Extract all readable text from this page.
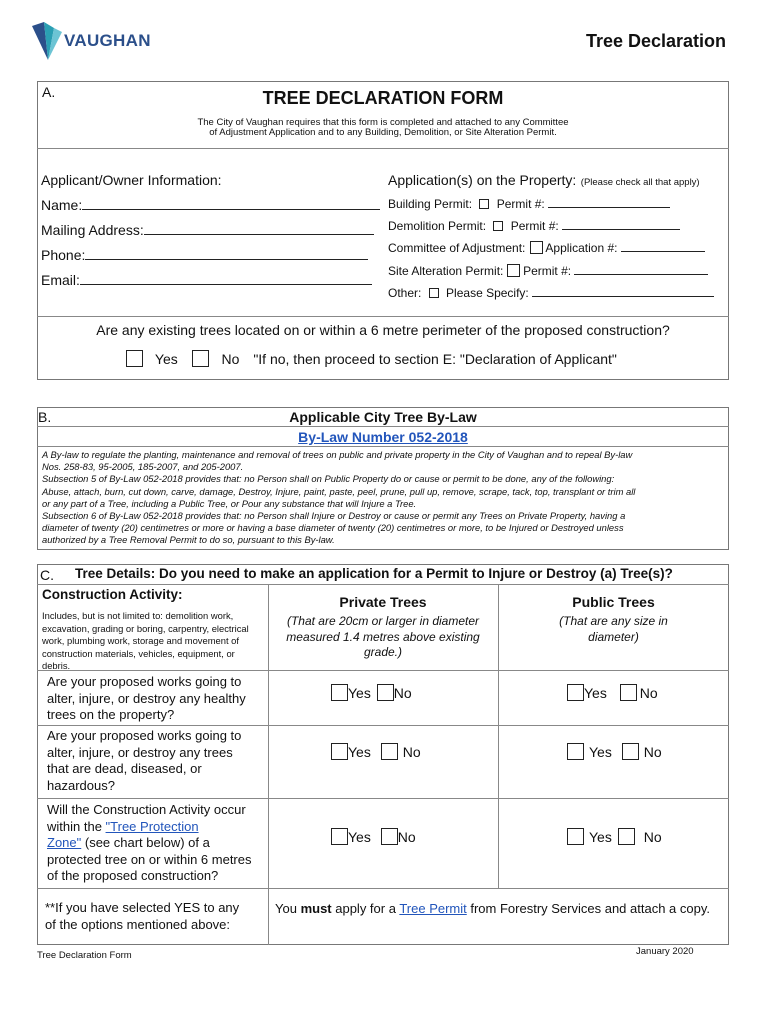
VAUGHAN	Tree Declaration
A.	TREE DECLARATION FORM
The City of Vaughan requires that this form is completed and attached to any Committee
of Adjustment Application and to any Building, Demolition, or Site Alteration Permit.
Applicant/Owner Information:
Name:
Mailing Address:
Phone:
Email:
Application(s) on the Property: (Please check all that apply)
Building Permit: Permit #:
Demolition Permit: Permit #:
Committee of Adjustment: Application #:
Site Alteration Permit: Permit #:
Other: Please Specify:
Are any existing trees located on or within a 6 metre perimeter of the proposed construction?
Yes	No "If no, then proceed to section E: "Declaration of Applicant"
B.	Applicable City Tree By-Law
By-Law Number 052-2018
A By-law to regulate the planting, maintenance and removal of trees on public and private property in the City of Vaughan and to repeal By-law
Nos. 258-83, 95-2005, 185-2007, and 205-2007.
Subsection 5 of By-Law 052-2018 provides that: no Person shall on Public Property do or cause or permit to be done, any of the following:
Abuse, attach, burn, cut down, carve, damage, Destroy, Injure, paint, paste, peel, prune, pull up, remove, scrape, tack, top, transplant or trim all
or any part of a Tree, including a Public Tree, or Pour any substance that will Injure a Tree.
Subsection 6 of By-Law 052-2018 provides that: no Person shall Injure or Destroy or cause or permit any Trees on Private Property, having a
diameter of twenty (20) centimetres or more or having a base diameter of twenty (20) centimetres or more, to be Injured or Destroyed unless
authorized by a Tree Removal Permit to do so, pursuant to this By-law.
C. Tree Details: Do you need to make an application for a Permit to Injure or Destroy (a) Tree(s)?
Construction Activity:
Includes, but is not limited to: demolition work,
excavation, grading or boring, carpentry, electrical
work, plumbing work, storage and movement of
construction materials, vehicles, equipment, or
debris.
Private Trees
(That are 20cm or larger in diameter
measured 1.4 metres above existing
grade.)
Public Trees
(That are any size in
diameter)
Are your proposed works going to
alter, injure, or destroy any healthy
trees on the property?
Yes No	Yes No
Are your proposed works going to
alter, injure, or destroy any trees
that are dead, diseased, or
hazardous?
Yes No	Yes No
Will the Construction Activity occur
within the "Tree Protection
Zone" (see chart below) of a
protected tree on or within 6 metres
of the proposed construction?
Yes No	Yes No
**If you have selected YES to any
of the options mentioned above:
You must apply for a Tree Permit from Forestry Services and attach a copy.
Tree Declaration Form	January 2020
